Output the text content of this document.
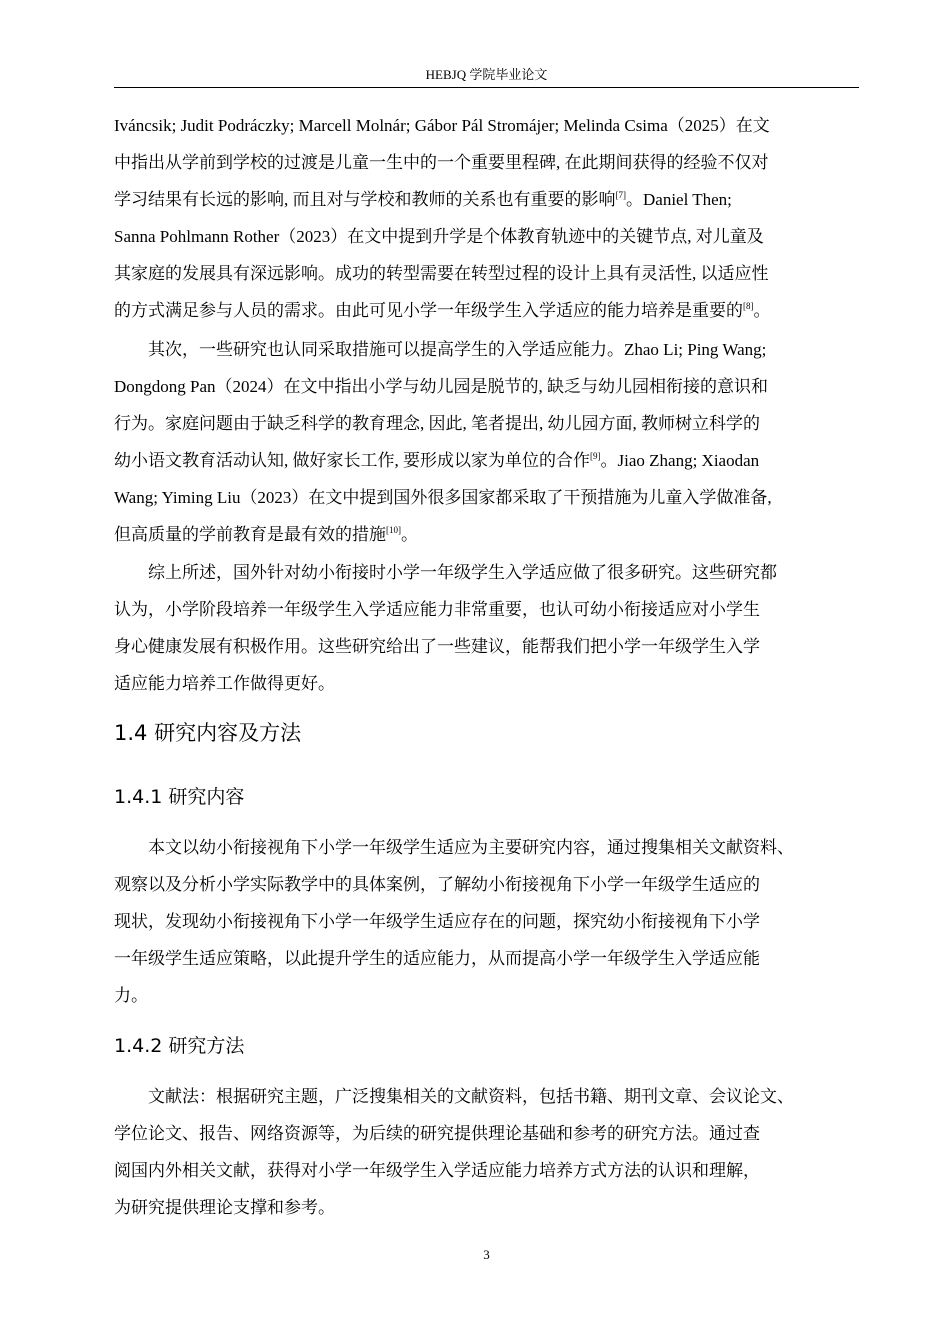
HEBJQ 学院毕业论文
Iváncsik; Judit Podráczky; Marcell Molnár; Gábor Pál Stromájer; Melinda Csima（2025）在文
中指出从学前到学校的过渡是儿童一生中的一个重要里程碑, 在此期间获得的经验不仅对
学习结果有长远的影响, 而且对与学校和教师的关系也有重要的影响[7]。Daniel Then;
Sanna Pohlmann Rother（2023）在文中提到升学是个体教育轨迹中的关键节点, 对儿童及
其家庭的发展具有深远影响。成功的转型需要在转型过程的设计上具有灵活性, 以适应性
的方式满足参与人员的需求。由此可见小学一年级学生入学适应的能力培养是重要的[8]。
其次，一些研究也认同采取措施可以提高学生的入学适应能力。Zhao Li; Ping Wang;
Dongdong Pan（2024）在文中指出小学与幼儿园是脱节的, 缺乏与幼儿园相衔接的意识和
行为。家庭问题由于缺乏科学的教育理念, 因此, 笔者提出, 幼儿园方面, 教师树立科学的
幼小语文教育活动认知, 做好家长工作, 要形成以家为单位的合作[9]。Jiao Zhang; Xiaodan
Wang; Yiming Liu（2023）在文中提到国外很多国家都采取了干预措施为儿童入学做准备,
但高质量的学前教育是最有效的措施[10]。
综上所述，国外针对幼小衔接时小学一年级学生入学适应做了很多研究。这些研究都
认为，小学阶段培养一年级学生入学适应能力非常重要，也认可幼小衔接适应对小学生
身心健康发展有积极作用。这些研究给出了一些建议，能帮我们把小学一年级学生入学
适应能力培养工作做得更好。
1.4 研究内容及方法
1.4.1 研究内容
本文以幼小衔接视角下小学一年级学生适应为主要研究内容，通过搜集相关文献资料、
观察以及分析小学实际教学中的具体案例，了解幼小衔接视角下小学一年级学生适应的
现状，发现幼小衔接视角下小学一年级学生适应存在的问题，探究幼小衔接视角下小学
一年级学生适应策略，以此提升学生的适应能力，从而提高小学一年级学生入学适应能
力。
1.4.2 研究方法
文献法：根据研究主题，广泛搜集相关的文献资料，包括书籍、期刊文章、会议论文、
学位论文、报告、网络资源等，为后续的研究提供理论基础和参考的研究方法。通过查
阅国内外相关文献，获得对小学一年级学生入学适应能力培养方式方法的认识和理解，
为研究提供理论支撑和参考。
3
